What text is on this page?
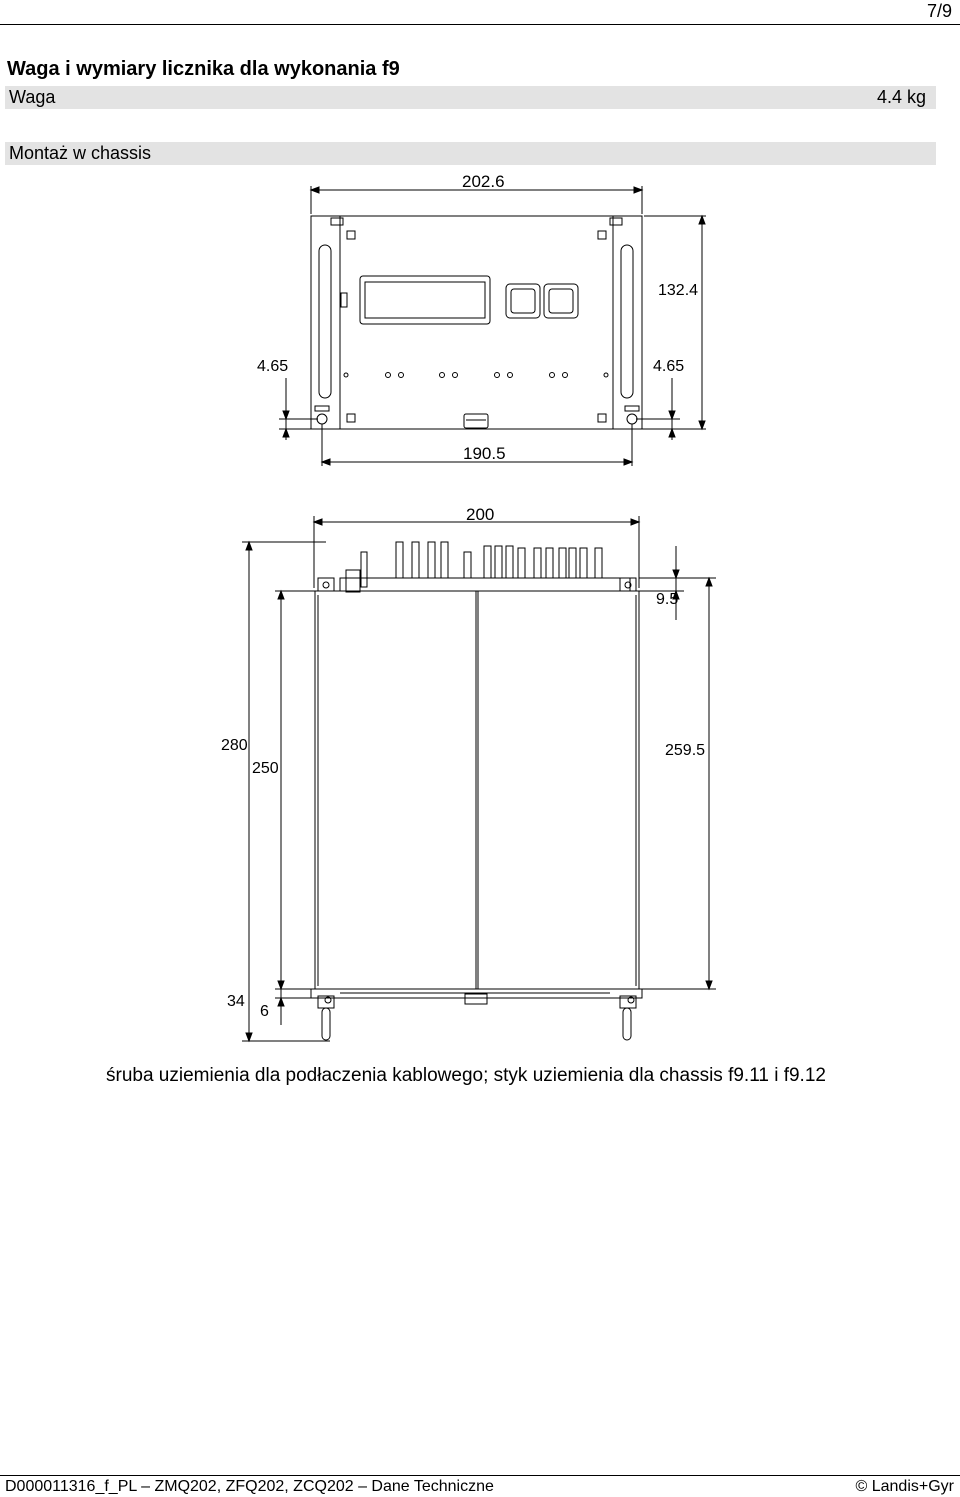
7/9
Waga i wymiary licznika dla wykonania f9
Waga	4.4 kg
Montaż w chassis
202.6
132.4
4.65	4.65
190.5
200
9.5
280
250
259.5
34
6
śruba uziemienia dla podłaczenia kablowego; styk uziemienia dla chassis f9.11 i f9.12
D000011316_f_PL – ZMQ202, ZFQ202, ZCQ202 – Dane Techniczne	© Landis+Gyr
